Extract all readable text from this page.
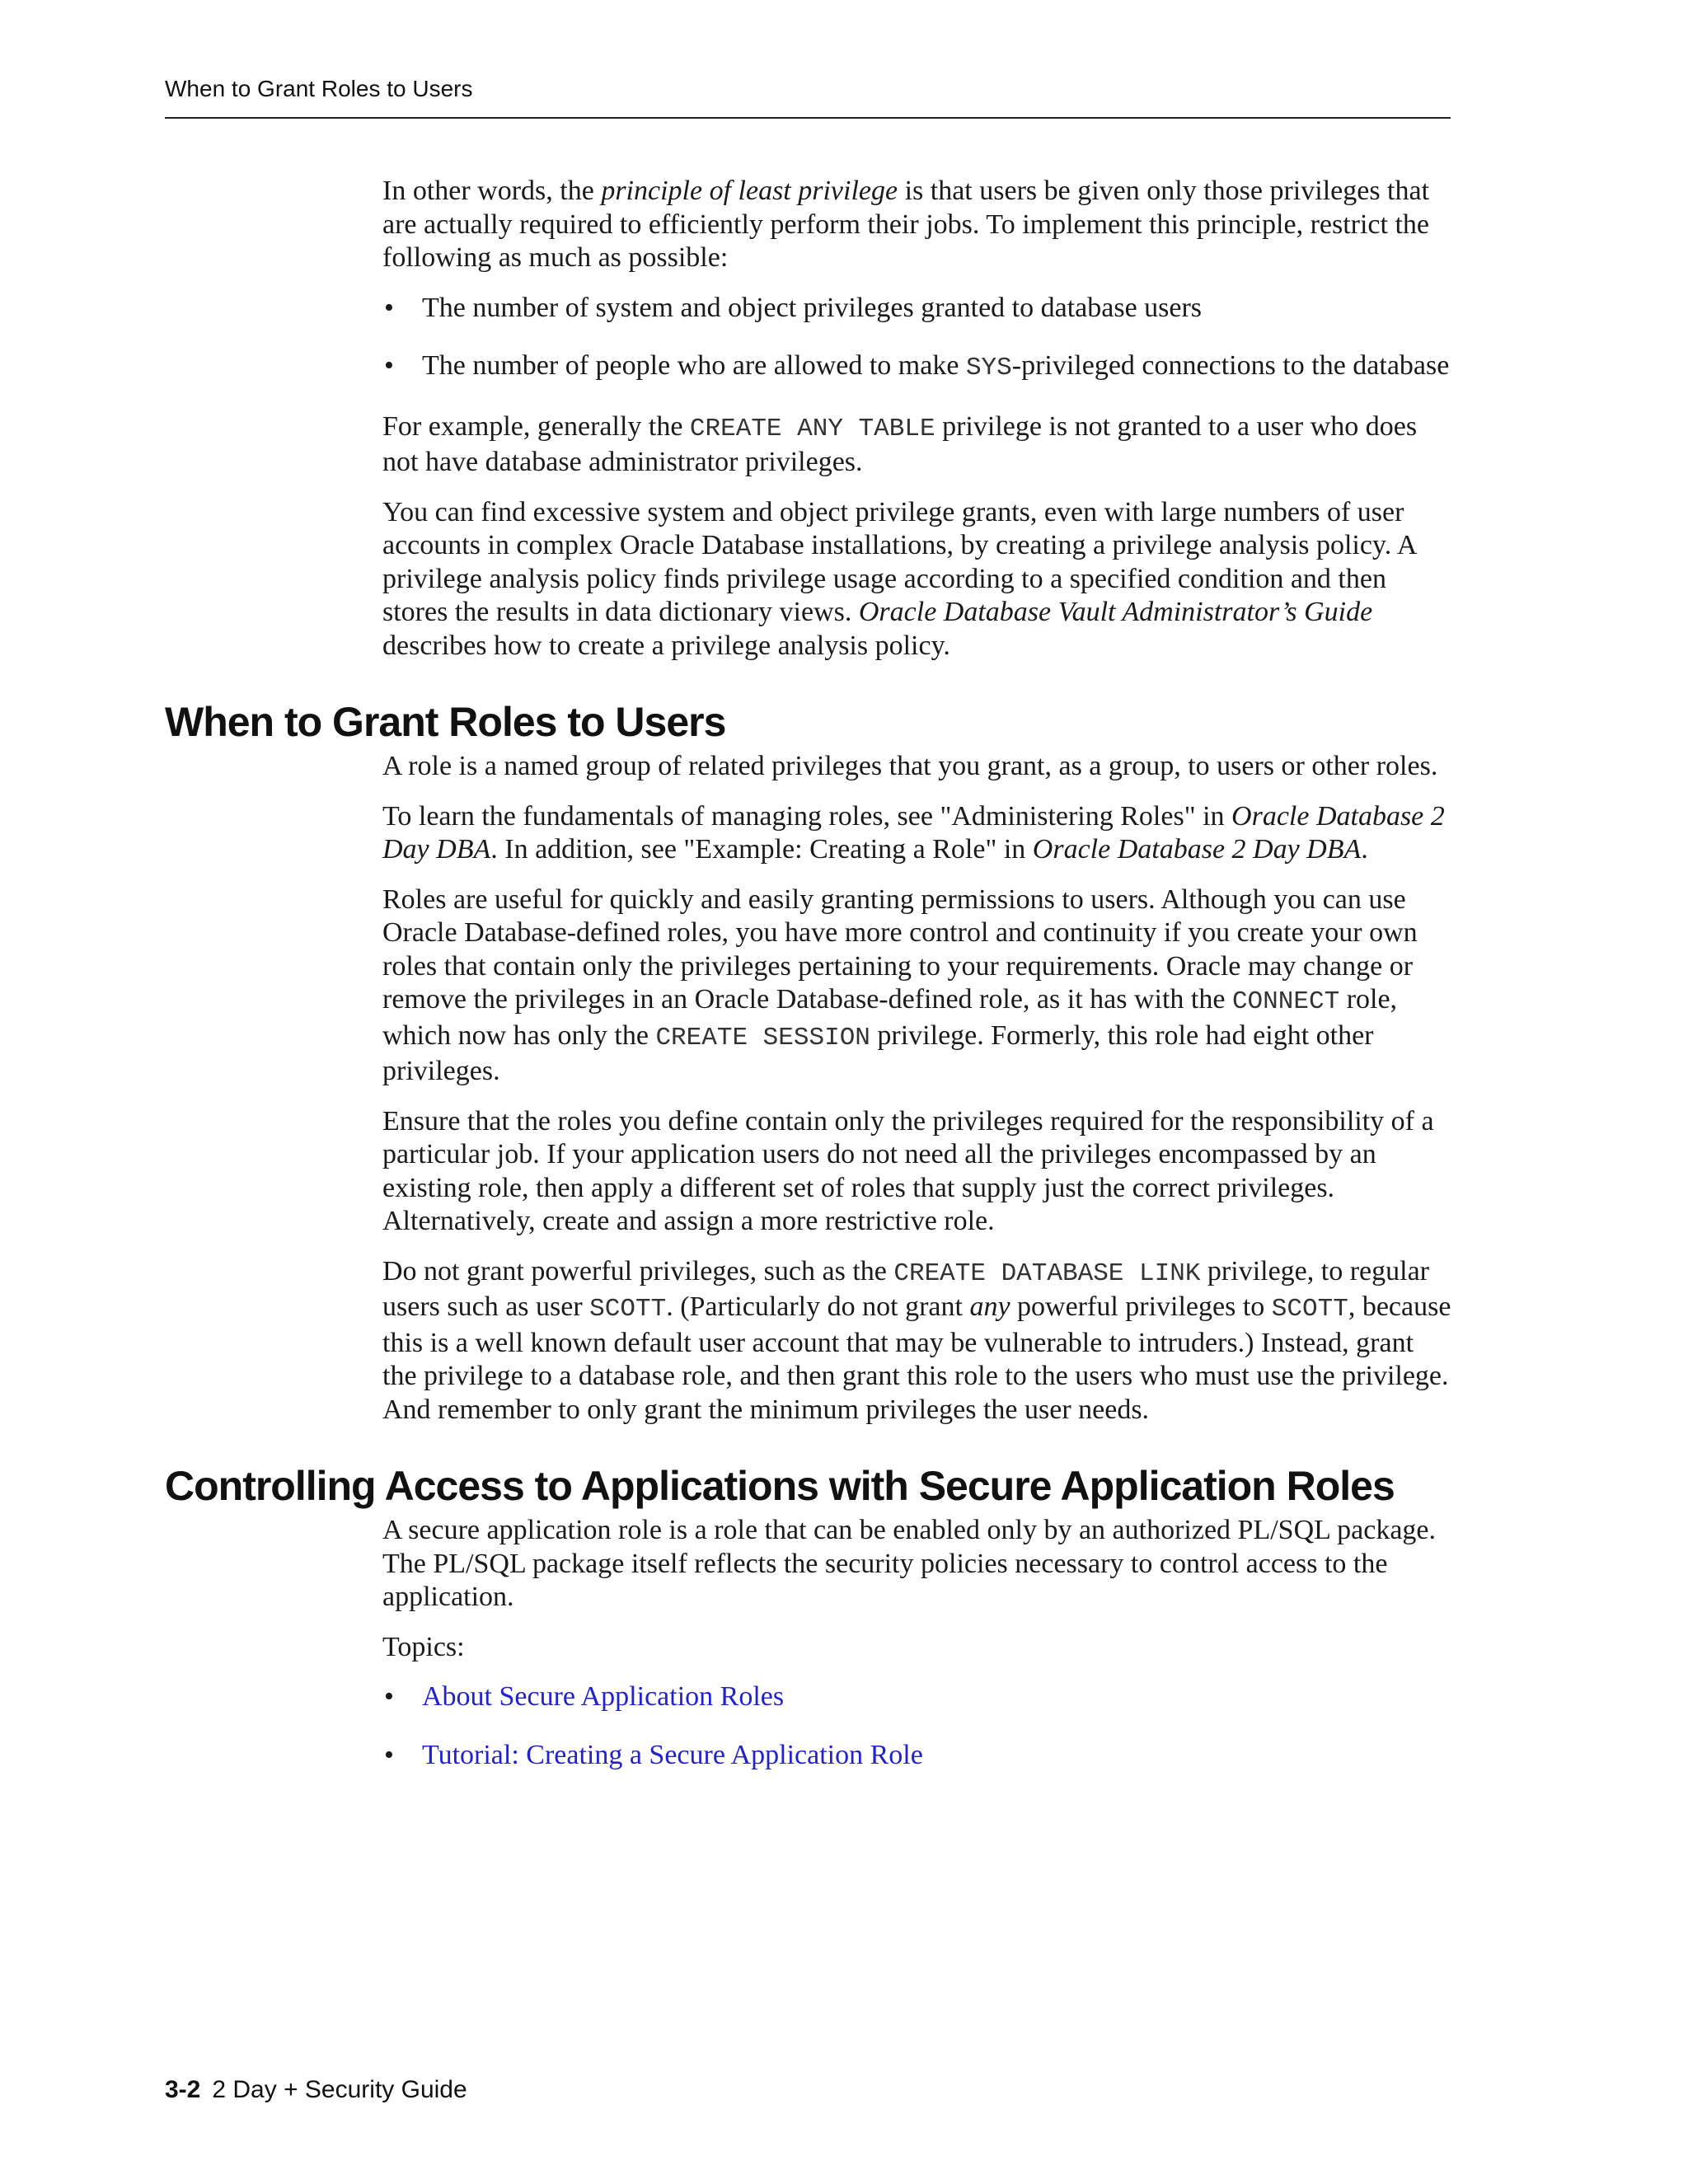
When to Grant Roles to Users

In other words, the principle of least privilege is that users be given only those privileges that are actually required to efficiently perform their jobs. To implement this principle, restrict the following as much as possible:

• The number of system and object privileges granted to database users
• The number of people who are allowed to make SYS-privileged connections to the database

For example, generally the CREATE ANY TABLE privilege is not granted to a user who does not have database administrator privileges.

You can find excessive system and object privilege grants, even with large numbers of user accounts in complex Oracle Database installations, by creating a privilege analysis policy. A privilege analysis policy finds privilege usage according to a specified condition and then stores the results in data dictionary views. Oracle Database Vault Administrator’s Guide describes how to create a privilege analysis policy.

When to Grant Roles to Users

A role is a named group of related privileges that you grant, as a group, to users or other roles.

To learn the fundamentals of managing roles, see "Administering Roles" in Oracle Database 2 Day DBA. In addition, see "Example: Creating a Role" in Oracle Database 2 Day DBA.

Roles are useful for quickly and easily granting permissions to users. Although you can use Oracle Database-defined roles, you have more control and continuity if you create your own roles that contain only the privileges pertaining to your requirements. Oracle may change or remove the privileges in an Oracle Database-defined role, as it has with the CONNECT role, which now has only the CREATE SESSION privilege. Formerly, this role had eight other privileges.

Ensure that the roles you define contain only the privileges required for the responsibility of a particular job. If your application users do not need all the privileges encompassed by an existing role, then apply a different set of roles that supply just the correct privileges. Alternatively, create and assign a more restrictive role.

Do not grant powerful privileges, such as the CREATE DATABASE LINK privilege, to regular users such as user SCOTT. (Particularly do not grant any powerful privileges to SCOTT, because this is a well known default user account that may be vulnerable to intruders.) Instead, grant the privilege to a database role, and then grant this role to the users who must use the privilege. And remember to only grant the minimum privileges the user needs.

Controlling Access to Applications with Secure Application Roles

A secure application role is a role that can be enabled only by an authorized PL/SQL package. The PL/SQL package itself reflects the security policies necessary to control access to the application.

Topics:

• About Secure Application Roles
• Tutorial: Creating a Secure Application Role
3-2 2 Day + Security Guide
